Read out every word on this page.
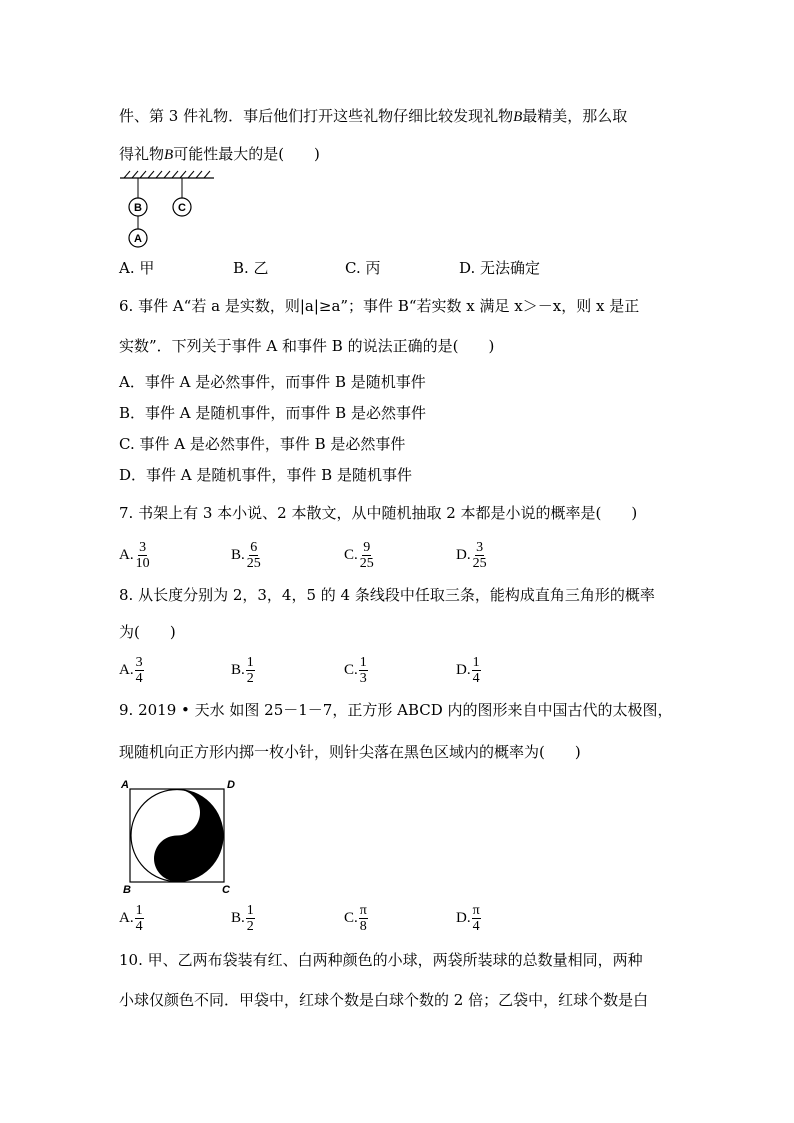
件、第 3 件礼物．事后他们打开这些礼物仔细比较发现礼物B最精美，那么取
得礼物B可能性最大的是(　　)
B	C
A
A. 甲	B. 乙	C. 丙	D. 无法确定
6. 事件 A“若 a 是实数，则|a|≥a”；事件 B“若实数 x 满足 x＞－x，则 x 是正
实数”．下列关于事件 A 和事件 B 的说法正确的是(　　)
A．事件 A 是必然事件，而事件 B 是随机事件
B．事件 A 是随机事件，而事件 B 是必然事件
C. 事件 A 是必然事件，事件 B 是必然事件
D．事件 A 是随机事件，事件 B 是随机事件
7. 书架上有 3 本小说、2 本散文，从中随机抽取 2 本都是小说的概率是(　　)
A. $\frac{3}{10}$	B. $\frac{6}{25}$	C. $\frac{9}{25}$	D. $\frac{3}{25}$
8. 从长度分别为 2，3，4，5 的 4 条线段中任取三条，能构成直角三角形的概率
为(　　)
A. $\frac{3}{4}$	B. $\frac{1}{2}$	C. $\frac{1}{3}$	D. $\frac{1}{4}$
9. 2019 • 天水 如图 25－1－7，正方形 ABCD 内的图形来自中国古代的太极图，
现随机向正方形内掷一枚小针，则针尖落在黑色区域内的概率为(　　)
A	D
B	C
A. $\frac{1}{4}$	B. $\frac{1}{2}$	C. $\frac{\pi}{8}$	D. $\frac{\pi}{4}$
10. 甲、乙两布袋装有红、白两种颜色的小球，两袋所装球的总数量相同，两种
小球仅颜色不同．甲袋中，红球个数是白球个数的 2 倍；乙袋中，红球个数是白
